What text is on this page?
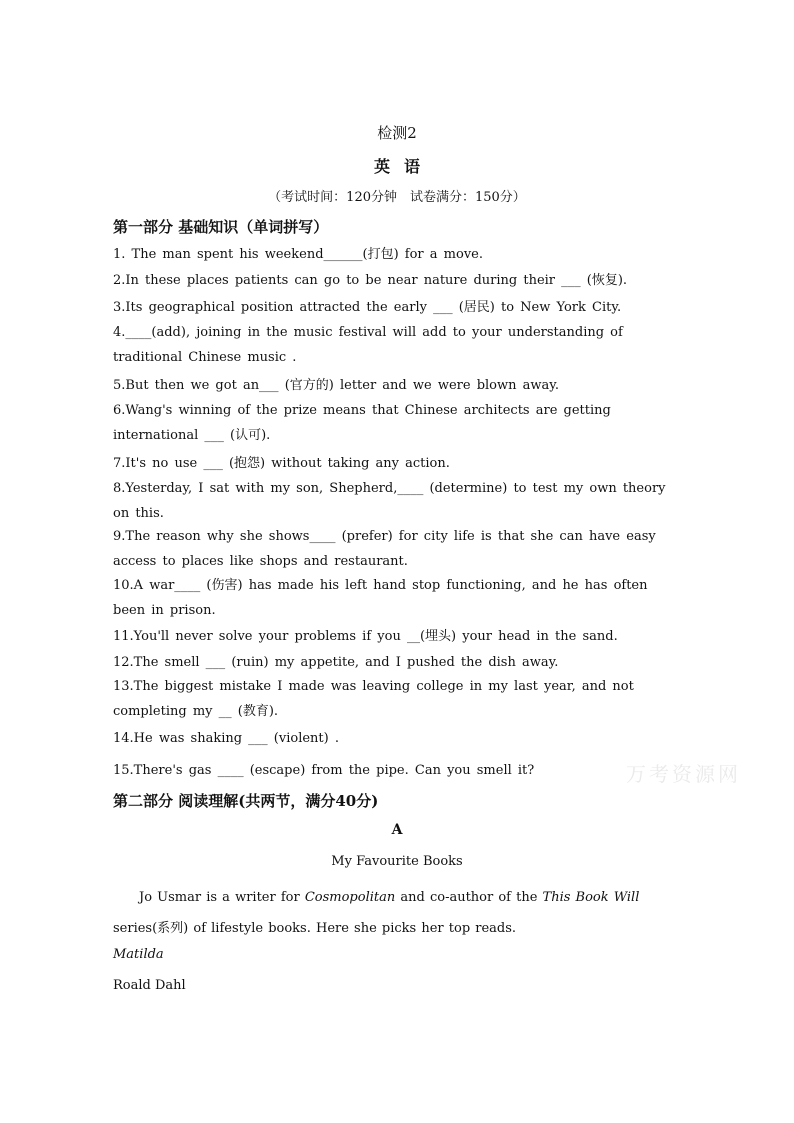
检测2
英语
（考试时间：120分钟　试卷满分：150分）
第一部分 基础知识（单词拼写）
1. The man spent his weekend______(打包) for a move.
2.In these places patients can go to be near nature during their ___ (恢复).
3.Its geographical position attracted the early ___ (居民) to New York City.
4.____(add), joining in the music festival will add to your understanding of traditional Chinese music .
5.But then we got an___ (官方的) letter and we were blown away.
6.Wang's winning of the prize means that Chinese architects are getting international ___ (认可).
7.It's no use ___ (抱怨) without taking any action.
8.Yesterday, I sat with my son, Shepherd,____ (determine) to test my own theory on this.
9.The reason why she shows____ (prefer) for city life is that she can have easy access to places like shops and restaurant.
10.A war____ (伤害) has made his left hand stop functioning, and he has often been in prison.
11.You'll never solve your problems if you __(埋头) your head in the sand.
12.The smell ___ (ruin) my appetite, and I pushed the dish away.
13.The biggest mistake I made was leaving college in my last year, and not completing my __ (教育).
14.He was shaking ___ (violent) .
15.There's gas ____ (escape) from the pipe. Can you smell it?
第二部分 阅读理解(共两节，满分40分)
A
My Favourite Books
Jo Usmar is a writer for Cosmopolitan and co-author of the This Book Will series(系列) of lifestyle books. Here she picks her top reads.
Matilda
Roald Dahl
万考资源网
